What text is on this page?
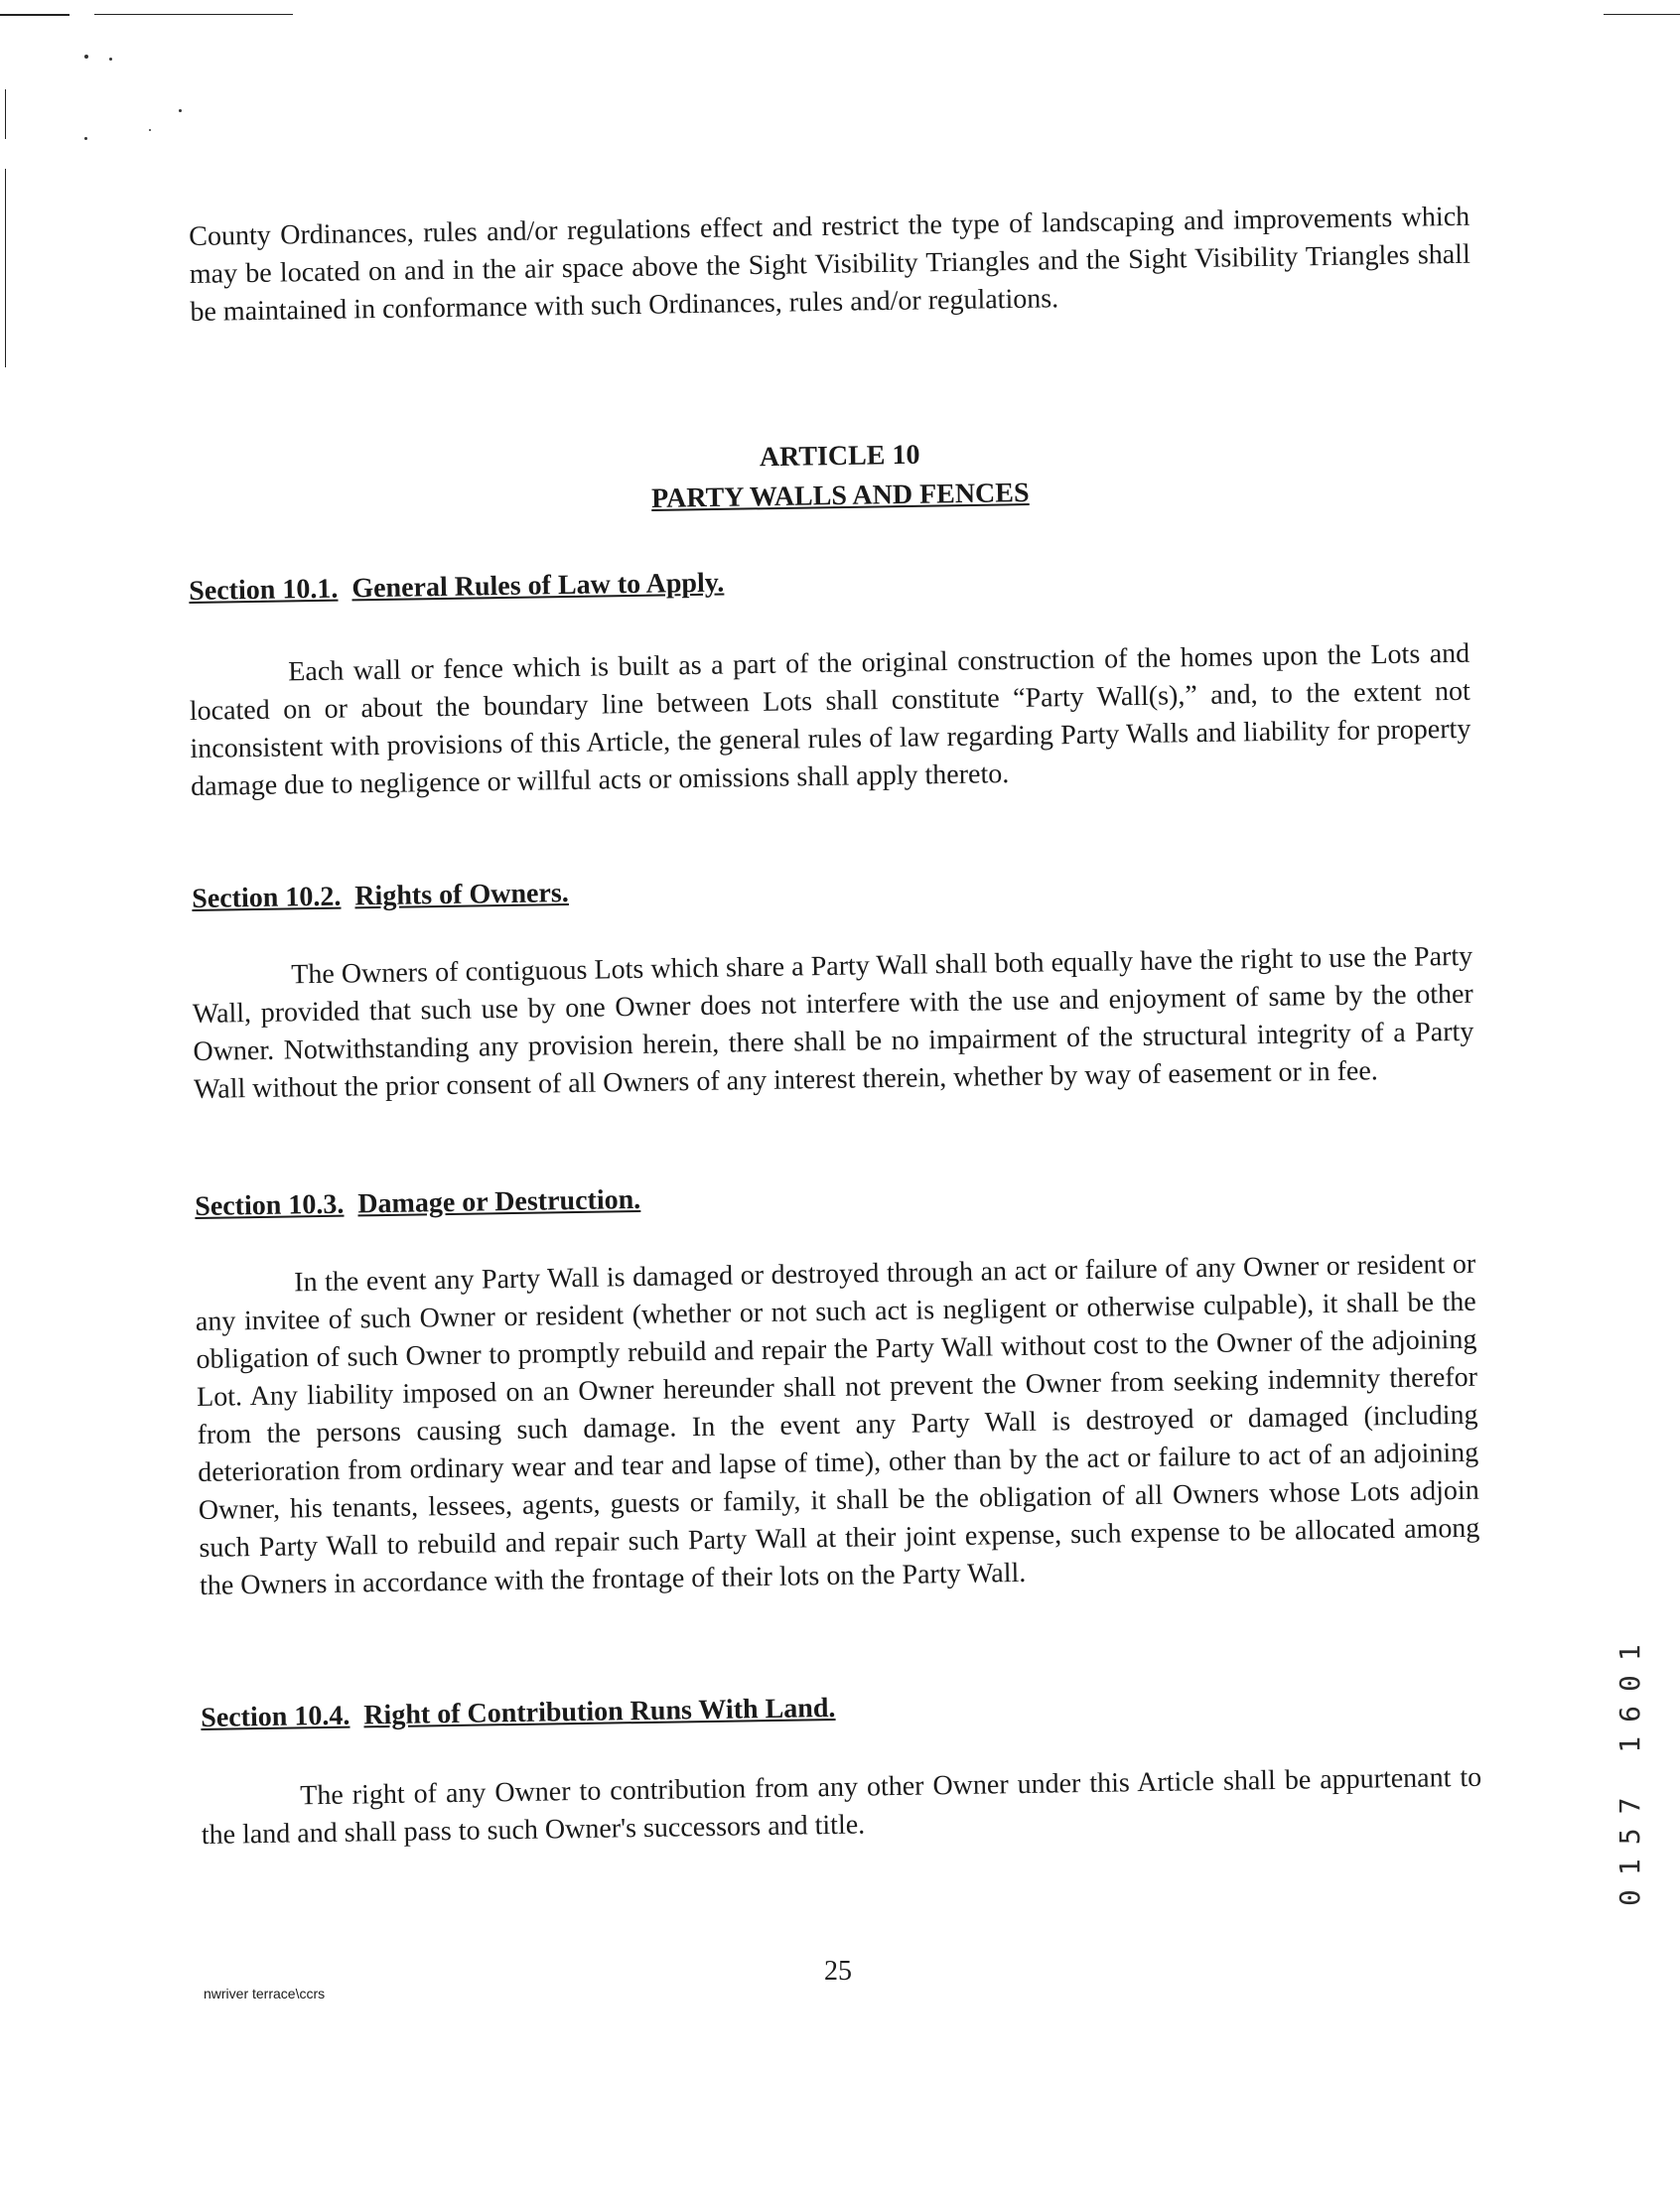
County Ordinances, rules and/or regulations effect and restrict the type of landscaping and improvements which may be located on and in the air space above the Sight Visibility Triangles and the Sight Visibility Triangles shall be maintained in conformance with such Ordinances, rules and/or regulations.
ARTICLE 10
PARTY WALLS AND FENCES
Section 10.1. General Rules of Law to Apply.
Each wall or fence which is built as a part of the original construction of the homes upon the Lots and located on or about the boundary line between Lots shall constitute “Party Wall(s),” and, to the extent not inconsistent with provisions of this Article, the general rules of law regarding Party Walls and liability for property damage due to negligence or willful acts or omissions shall apply thereto.
Section 10.2. Rights of Owners.
The Owners of contiguous Lots which share a Party Wall shall both equally have the right to use the Party Wall, provided that such use by one Owner does not interfere with the use and enjoyment of same by the other Owner. Notwithstanding any provision herein, there shall be no impairment of the structural integrity of a Party Wall without the prior consent of all Owners of any interest therein, whether by way of easement or in fee.
Section 10.3. Damage or Destruction.
In the event any Party Wall is damaged or destroyed through an act or failure of any Owner or resident or any invitee of such Owner or resident (whether or not such act is negligent or otherwise culpable), it shall be the obligation of such Owner to promptly rebuild and repair the Party Wall without cost to the Owner of the adjoining Lot. Any liability imposed on an Owner hereunder shall not prevent the Owner from seeking indemnity therefor from the persons causing such damage. In the event any Party Wall is destroyed or damaged (including deterioration from ordinary wear and tear and lapse of time), other than by the act or failure to act of an adjoining Owner, his tenants, lessees, agents, guests or family, it shall be the obligation of all Owners whose Lots adjoin such Party Wall to rebuild and repair such Party Wall at their joint expense, such expense to be allocated among the Owners in accordance with the frontage of their lots on the Party Wall.
Section 10.4. Right of Contribution Runs With Land.
The right of any Owner to contribution from any other Owner under this Article shall be appurtenant to the land and shall pass to such Owner's successors and title.
25
nwriver terrace\ccrs
0157 1601
